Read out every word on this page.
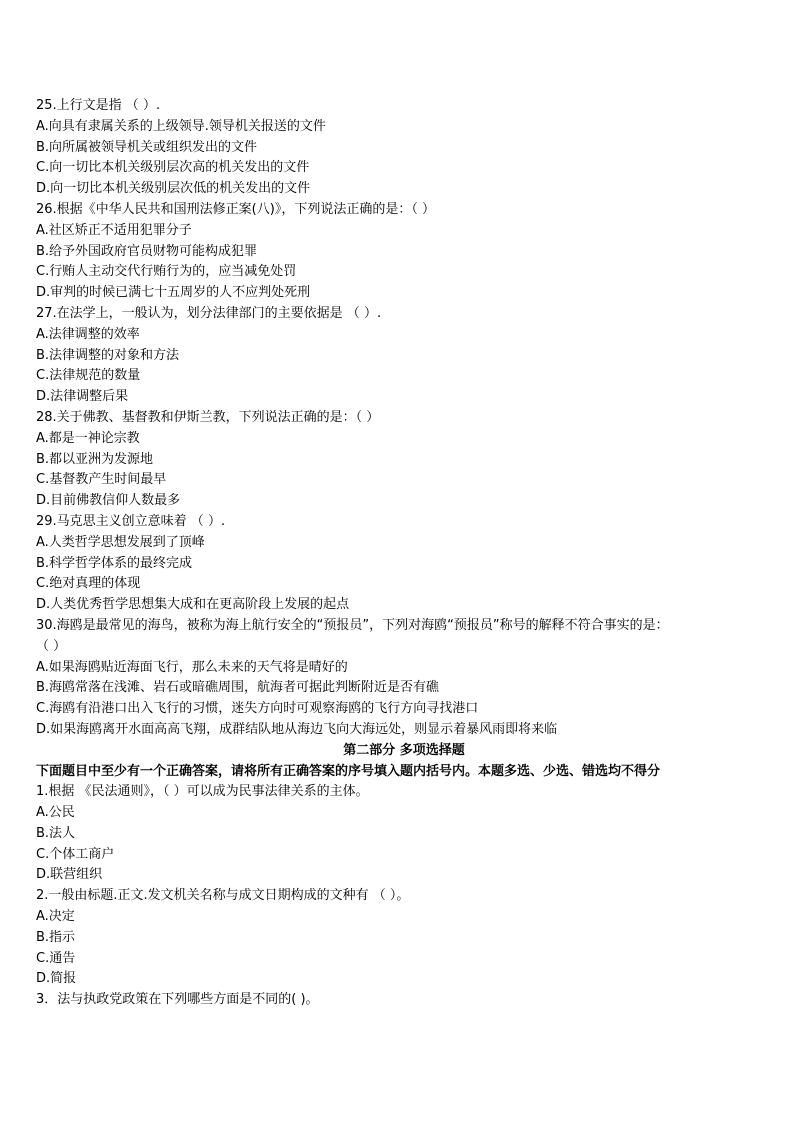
25.上行文是指 （ ）.
A.向具有隶属关系的上级领导.领导机关报送的文件
B.向所属被领导机关或组织发出的文件
C.向一切比本机关级别层次高的机关发出的文件
D.向一切比本机关级别层次低的机关发出的文件
26.根据《中华人民共和国刑法修正案(八)》，下列说法正确的是：（ ）
A.社区矫正不适用犯罪分子
B.给予外国政府官员财物可能构成犯罪
C.行贿人主动交代行贿行为的，应当减免处罚
D.审判的时候已满七十五周岁的人不应判处死刑
27.在法学上，一般认为，划分法律部门的主要依据是 （ ）.
A.法律调整的效率
B.法律调整的对象和方法
C.法律规范的数量
D.法律调整后果
28.关于佛教、基督教和伊斯兰教，下列说法正确的是：（ ）
A.都是一神论宗教
B.都以亚洲为发源地
C.基督教产生时间最早
D.目前佛教信仰人数最多
29.马克思主义创立意味着 （ ）.
A.人类哲学思想发展到了顶峰
B.科学哲学体系的最终完成
C.绝对真理的体现
D.人类优秀哲学思想集大成和在更高阶段上发展的起点
30.海鸥是最常见的海鸟，被称为海上航行安全的“预报员”，下列对海鸥“预报员”称号的解释不符合事实的是：
（ ）
A.如果海鸥贴近海面飞行，那么未来的天气将是晴好的
B.海鸥常落在浅滩、岩石或暗礁周围，航海者可据此判断附近是否有礁
C.海鸥有沿港口出入飞行的习惯，迷失方向时可观察海鸥的飞行方向寻找港口
D.如果海鸥离开水面高高飞翔，成群结队地从海边飞向大海远处，则显示着暴风雨即将来临
第二部分 多项选择题
下面题目中至少有一个正确答案，请将所有正确答案的序号填入题内括号内。本题多选、少选、错选均不得分
1.根据 《民法通则》，（ ）可以成为民事法律关系的主体。
A.公民
B.法人
C.个体工商户
D.联营组织
2.一般由标题.正文.发文机关名称与成文日期构成的文种有 （ ）。
A.决定
B.指示
C.通告
D.简报
3．法与执政党政策在下列哪些方面是不同的( )。
